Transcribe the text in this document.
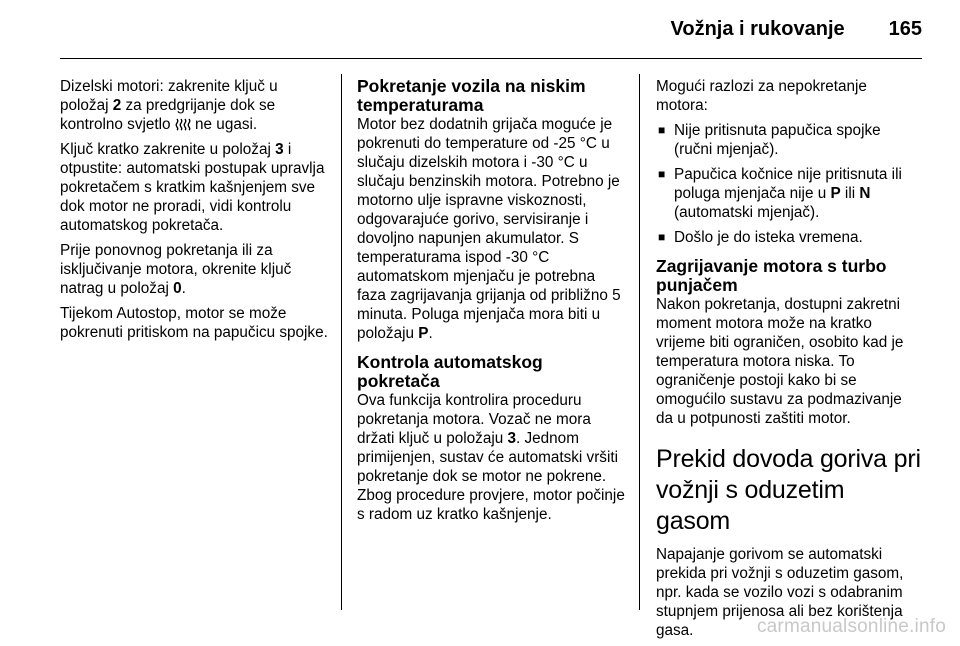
Vožnja i rukovanje 165

Dizelski motori: zakrenite ključ u položaj 2 za predgrijanje dok se kontrolno svjetlo  ne ugasi.

Ključ kratko zakrenite u položaj 3 i otpustite: automatski postupak upravlja pokretačem s kratkim kašnjenjem sve dok motor ne proradi, vidi kontrolu automatskog pokretača.

Prije ponovnog pokretanja ili za isključivanje motora, okrenite ključ natrag u položaj 0.

Tijekom Autostop, motor se može pokrenuti pritiskom na papučicu spojke.

Pokretanje vozila na niskim temperaturama

Motor bez dodatnih grijača moguće je pokrenuti do temperature od -25 °C u slučaju dizelskih motora i -30 °C u slučaju benzinskih motora. Potrebno je motorno ulje ispravne viskoznosti, odgovarajuće gorivo, servisiranje i dovoljno napunjen akumulator. S temperaturama ispod -30 °C automatskom mjenjaču je potrebna faza zagrijavanja grijanja od približno 5 minuta. Poluga mjenjača mora biti u položaju P.

Kontrola automatskog pokretača

Ova funkcija kontrolira proceduru pokretanja motora. Vozač ne mora držati ključ u položaju 3. Jednom primijenjen, sustav će automatski vršiti pokretanje dok se motor ne pokrene. Zbog procedure provjere, motor počinje s radom uz kratko kašnjenje.

Mogući razlozi za nepokretanje motora:

■ Nije pritisnuta papučica spojke (ručni mjenjač).
■ Papučica kočnice nije pritisnuta ili poluga mjenjača nije u P ili N (automatski mjenjač).
■ Došlo je do isteka vremena.
Zagrijavanje motora s turbo punjačem

Nakon pokretanja, dostupni zakretni moment motora može na kratko vrijeme biti ograničen, osobito kad je temperatura motora niska. To ograničenje postoji kako bi se omogućilo sustavu za podmazivanje da u potpunosti zaštiti motor.

Prekid dovoda goriva pri vožnji s oduzetim gasom

Napajanje gorivom se automatski prekida pri vožnji s oduzetim gasom, npr. kada se vozilo vozi s odabranim stupnjem prijenosa ali bez korištenja gasa.	carmanualsonline.info
